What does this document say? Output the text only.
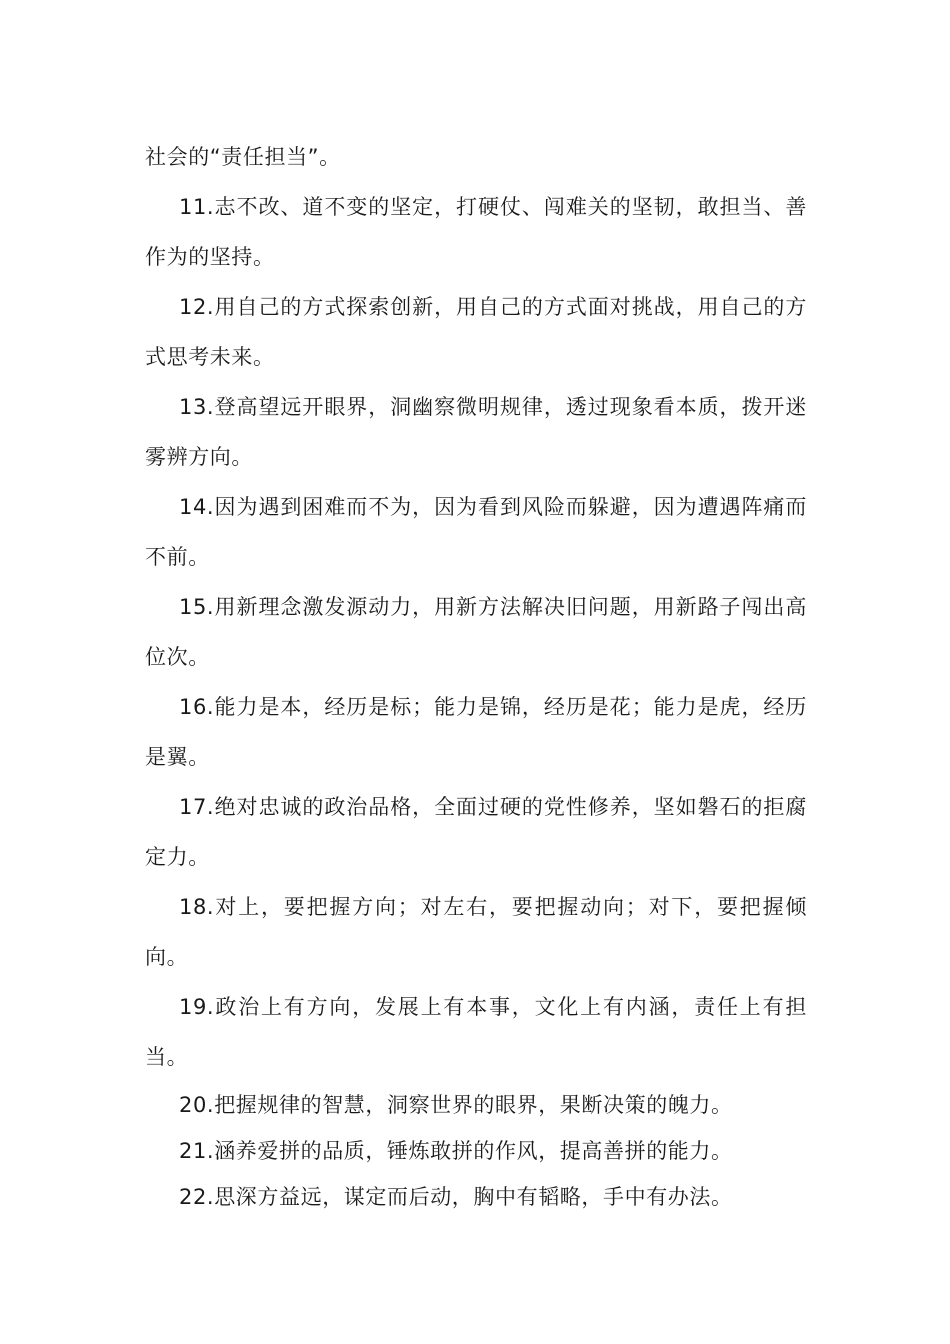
社会的“责任担当”。

11.志不改、道不变的坚定，打硬仗、闯难关的坚韧，敢担当、善作为的坚持。

12.用自己的方式探索创新，用自己的方式面对挑战，用自己的方式思考未来。

13.登高望远开眼界，洞幽察微明规律，透过现象看本质，拨开迷雾辨方向。

14.因为遇到困难而不为，因为看到风险而躲避，因为遭遇阵痛而不前。

15.用新理念激发源动力，用新方法解决旧问题，用新路子闯出高位次。

16.能力是本，经历是标；能力是锦，经历是花；能力是虎，经历是翼。

17.绝对忠诚的政治品格，全面过硬的党性修养，坚如磐石的拒腐定力。

18.对上，要把握方向；对左右，要把握动向；对下，要把握倾向。

19.政治上有方向，发展上有本事，文化上有内涵，责任上有担当。

20.把握规律的智慧，洞察世界的眼界，果断决策的魄力。

21.涵养爱拼的品质，锤炼敢拼的作风，提高善拼的能力。

22.思深方益远，谋定而后动，胸中有韬略，手中有办法。
